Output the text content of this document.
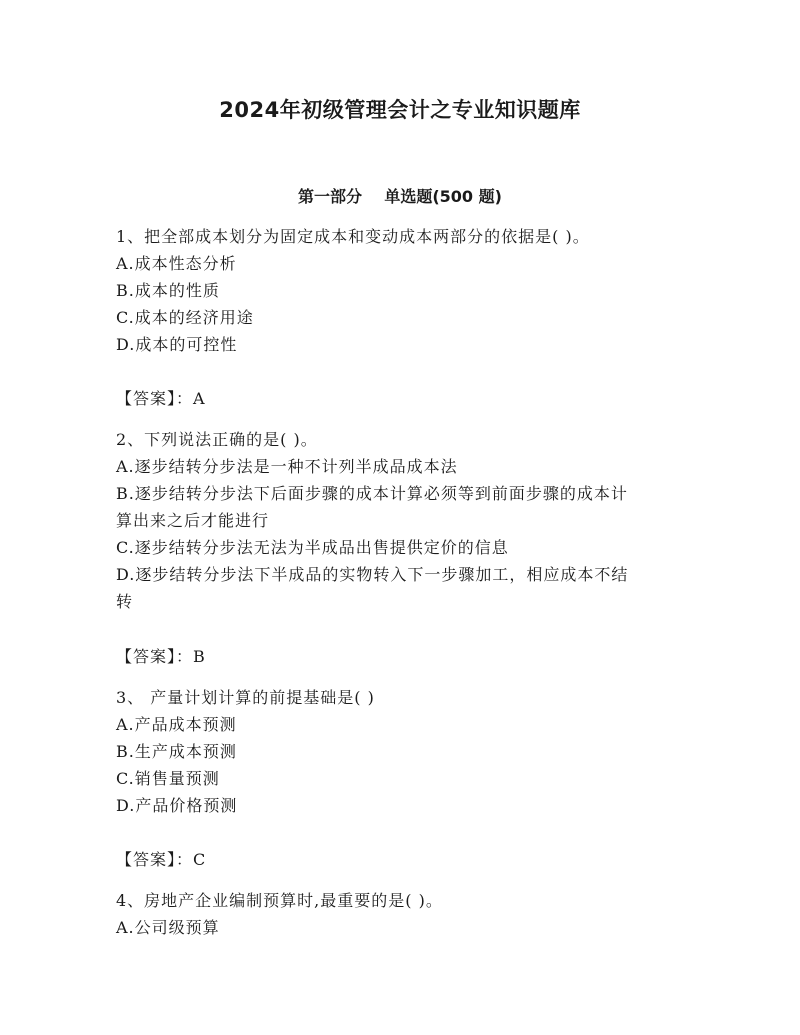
2024年初级管理会计之专业知识题库
第一部分    单选题(500 题)
1、把全部成本划分为固定成本和变动成本两部分的依据是( )。
A.成本性态分析
B.成本的性质
C.成本的经济用途
D.成本的可控性
【答案】：A
2、下列说法正确的是( )。
A.逐步结转分步法是一种不计列半成品成本法
B.逐步结转分步法下后面步骤的成本计算必须等到前面步骤的成本计
算出来之后才能进行
C.逐步结转分步法无法为半成品出售提供定价的信息
D.逐步结转分步法下半成品的实物转入下一步骤加工，相应成本不结
转
【答案】：B
3、 产量计划计算的前提基础是( )
A.产品成本预测
B.生产成本预测
C.销售量预测
D.产品价格预测
【答案】：C
4、房地产企业编制预算时,最重要的是( )。
A.公司级预算
